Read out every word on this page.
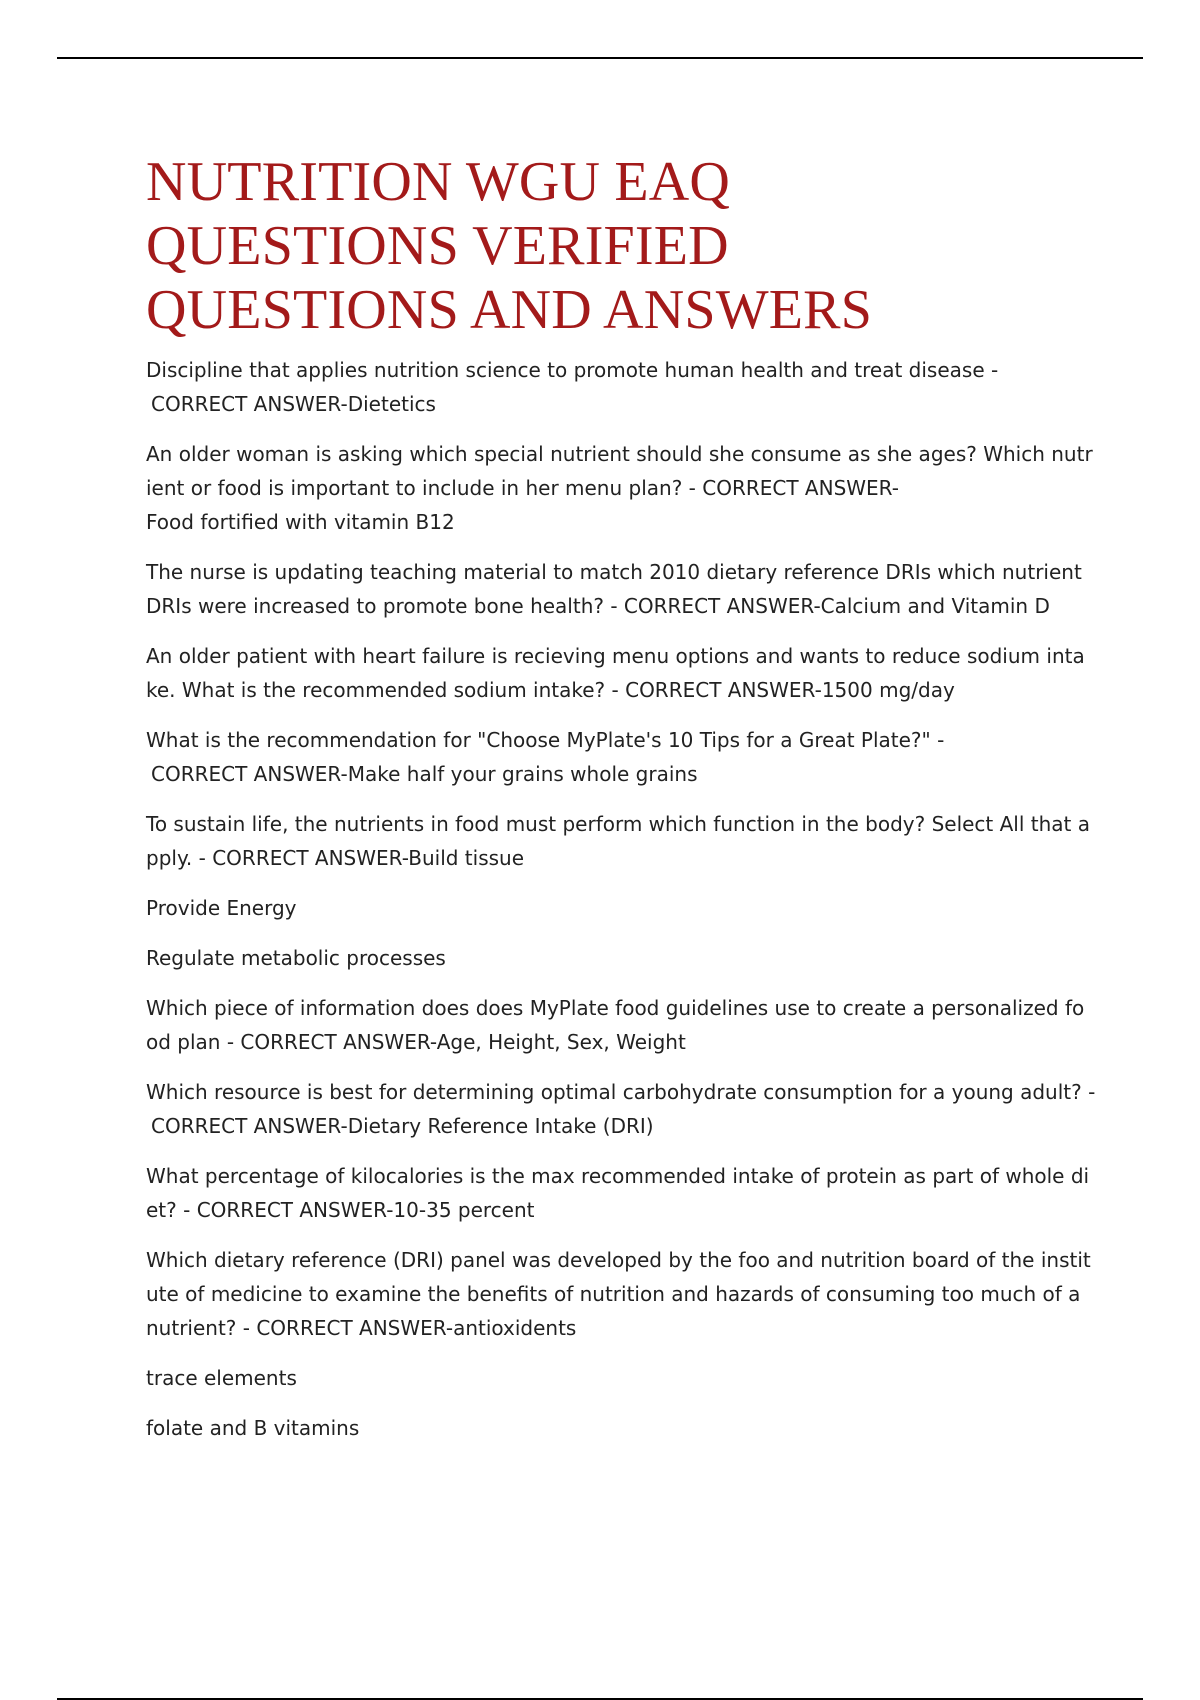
NUTRITION WGU EAQ
QUESTIONS VERIFIED
QUESTIONS AND ANSWERS

Discipline that applies nutrition science to promote human health and treat disease -
CORRECT ANSWER-Dietetics

An older woman is asking which special nutrient should she consume as she ages? Which nutrient or food is important to include in her menu plan? - CORRECT ANSWER-
Food fortified with vitamin B12

The nurse is updating teaching material to match 2010 dietary reference DRIs which nutrient DRIs were increased to promote bone health? - CORRECT ANSWER-Calcium and Vitamin D

An older patient with heart failure is recieving menu options and wants to reduce sodium intake. What is the recommended sodium intake? - CORRECT ANSWER-1500 mg/day

What is the recommendation for "Choose MyPlate's 10 Tips for a Great Plate?" -
CORRECT ANSWER-Make half your grains whole grains

To sustain life, the nutrients in food must perform which function in the body? Select All that apply. - CORRECT ANSWER-Build tissue

Provide Energy

Regulate metabolic processes

Which piece of information does does MyPlate food guidelines use to create a personalized food plan - CORRECT ANSWER-Age, Height, Sex, Weight

Which resource is best for determining optimal carbohydrate consumption for a young adult? -
CORRECT ANSWER-Dietary Reference Intake (DRI)

What percentage of kilocalories is the max recommended intake of protein as part of whole diet? - CORRECT ANSWER-10-35 percent

Which dietary reference (DRI) panel was developed by the foo and nutrition board of the institute of medicine to examine the benefits of nutrition and hazards of consuming too much of a nutrient? - CORRECT ANSWER-antioxidents

trace elements

folate and B vitamins
